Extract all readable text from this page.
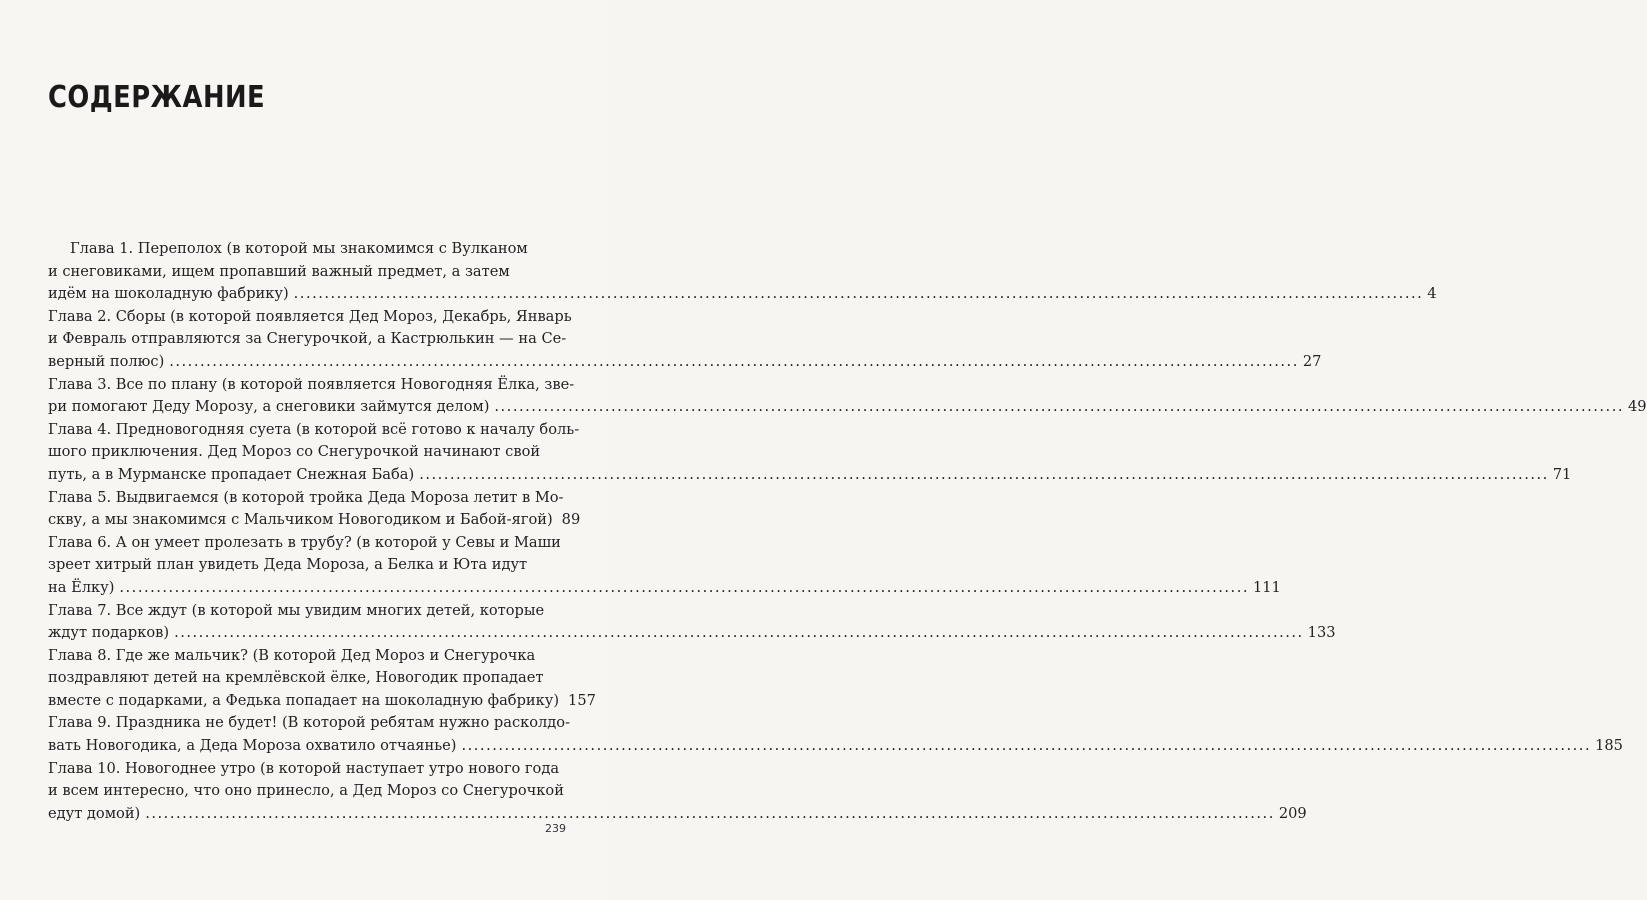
СОДЕРЖАНИЕ
Глава 1. Переполох (в которой мы знакомимся с Вулканом
и снеговиками, ищем пропавший важный предмет, а затем
идём на шоколадную фабрику) .....	4
Глава 2. Сборы (в которой появляется Дед Мороз, Декабрь, Январь
и Февраль отправляются за Снегурочкой, а Кастрюлькин — на Се-
верный полюс) .....	27
Глава 3. Все по плану (в которой появляется Новогодняя Ёлка, зве-
ри помогают Деду Морозу, а снеговики займутся делом) .....	49
Глава 4. Предновогодняя суета (в которой всё готово к началу боль-
шого приключения. Дед Мороз со Снегурочкой начинают свой
путь, а в Мурманске пропадает Снежная Баба) .....	71
Глава 5. Выдвигаемся (в которой тройка Деда Мороза летит в Мо-
скву, а мы знакомимся с Мальчиком Новогодиком и Бабой-ягой) 89
Глава 6. А он умеет пролезать в трубу? (в которой у Севы и Маши
зреет хитрый план увидеть Деда Мороза, а Белка и Юта идут
на Ёлку) .....	111
Глава 7. Все ждут (в которой мы увидим многих детей, которые
ждут подарков) .....	133
Глава 8. Где же мальчик? (В которой Дед Мороз и Снегурочка
поздравляют детей на кремлёвской ёлке, Новогодик пропадает
вместе с подарками, а Федька попадает на шоколадную фабрику) 157
Глава 9. Праздника не будет! (В которой ребятам нужно расколдо-
вать Новогодика, а Деда Мороза охватило отчаянье) .....	185
Глава 10. Новогоднее утро (в которой наступает утро нового года
и всем интересно, что оно принесло, а Дед Мороз со Снегурочкой
едут домой) .....	209
239
